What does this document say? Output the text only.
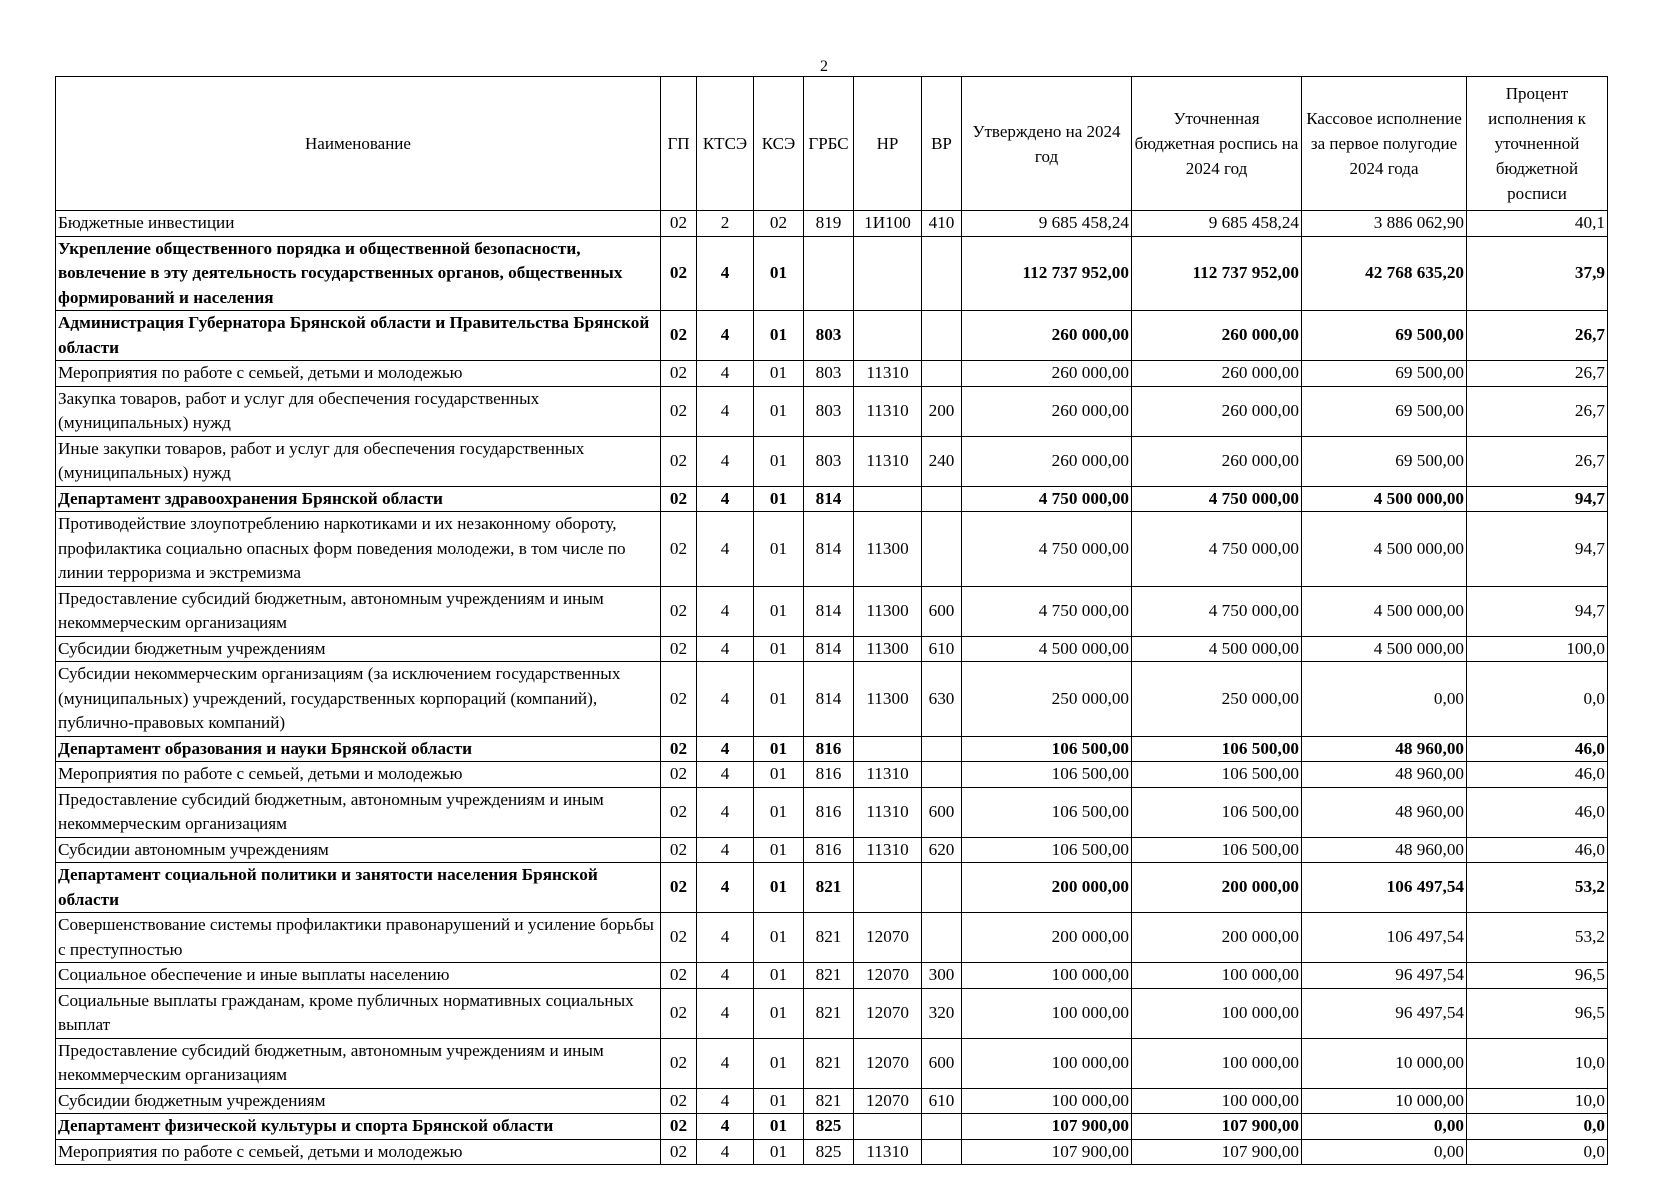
2
Наименование	ГП	КТСЭ	КСЭ	ГРБС	НР	ВР	Утверждено на 2024 год	Уточненная бюджетная роспись на 2024 год	Кассовое исполнение за первое полугодие 2024 года	Процент исполнения к уточненной бюджетной росписи
Бюджетные инвестиции	02	2	02	819	1И100	410	9 685 458,24	9 685 458,24	3 886 062,90	40,1
Укрепление общественного порядка и общественной безопасности, вовлечение в эту деятельность государственных органов, общественных формирований и населения	02	4	01				112 737 952,00	112 737 952,00	42 768 635,20	37,9
Администрация Губернатора Брянской области и Правительства Брянской области	02	4	01	803			260 000,00	260 000,00	69 500,00	26,7
Мероприятия по работе с семьей, детьми и молодежью	02	4	01	803	11310		260 000,00	260 000,00	69 500,00	26,7
Закупка товаров, работ и услуг для обеспечения государственных (муниципальных) нужд	02	4	01	803	11310	200	260 000,00	260 000,00	69 500,00	26,7
Иные закупки товаров, работ и услуг для обеспечения государственных (муниципальных) нужд	02	4	01	803	11310	240	260 000,00	260 000,00	69 500,00	26,7
Департамент здравоохранения Брянской области	02	4	01	814			4 750 000,00	4 750 000,00	4 500 000,00	94,7
Противодействие злоупотреблению наркотиками и их незаконному обороту, профилактика социально опасных форм поведения молодежи, в том числе по линии терроризма и экстремизма	02	4	01	814	11300		4 750 000,00	4 750 000,00	4 500 000,00	94,7
Предоставление субсидий бюджетным, автономным учреждениям и иным некоммерческим организациям	02	4	01	814	11300	600	4 750 000,00	4 750 000,00	4 500 000,00	94,7
Субсидии бюджетным учреждениям	02	4	01	814	11300	610	4 500 000,00	4 500 000,00	4 500 000,00	100,0
Субсидии некоммерческим организациям (за исключением государственных (муниципальных) учреждений, государственных корпораций (компаний), публично-правовых компаний)	02	4	01	814	11300	630	250 000,00	250 000,00	0,00	0,0
Департамент образования и науки Брянской области	02	4	01	816			106 500,00	106 500,00	48 960,00	46,0
Мероприятия по работе с семьей, детьми и молодежью	02	4	01	816	11310		106 500,00	106 500,00	48 960,00	46,0
Предоставление субсидий бюджетным, автономным учреждениям и иным некоммерческим организациям	02	4	01	816	11310	600	106 500,00	106 500,00	48 960,00	46,0
Субсидии автономным учреждениям	02	4	01	816	11310	620	106 500,00	106 500,00	48 960,00	46,0
Департамент социальной политики и занятости населения Брянской области	02	4	01	821			200 000,00	200 000,00	106 497,54	53,2
Совершенствование системы профилактики правонарушений и усиление борьбы с преступностью	02	4	01	821	12070		200 000,00	200 000,00	106 497,54	53,2
Социальное обеспечение и иные выплаты населению	02	4	01	821	12070	300	100 000,00	100 000,00	96 497,54	96,5
Социальные выплаты гражданам, кроме публичных нормативных социальных выплат	02	4	01	821	12070	320	100 000,00	100 000,00	96 497,54	96,5
Предоставление субсидий бюджетным, автономным учреждениям и иным некоммерческим организациям	02	4	01	821	12070	600	100 000,00	100 000,00	10 000,00	10,0
Субсидии бюджетным учреждениям	02	4	01	821	12070	610	100 000,00	100 000,00	10 000,00	10,0
Департамент физической культуры и спорта Брянской области	02	4	01	825			107 900,00	107 900,00	0,00	0,0
Мероприятия по работе с семьей, детьми и молодежью	02	4	01	825	11310		107 900,00	107 900,00	0,00	0,0
